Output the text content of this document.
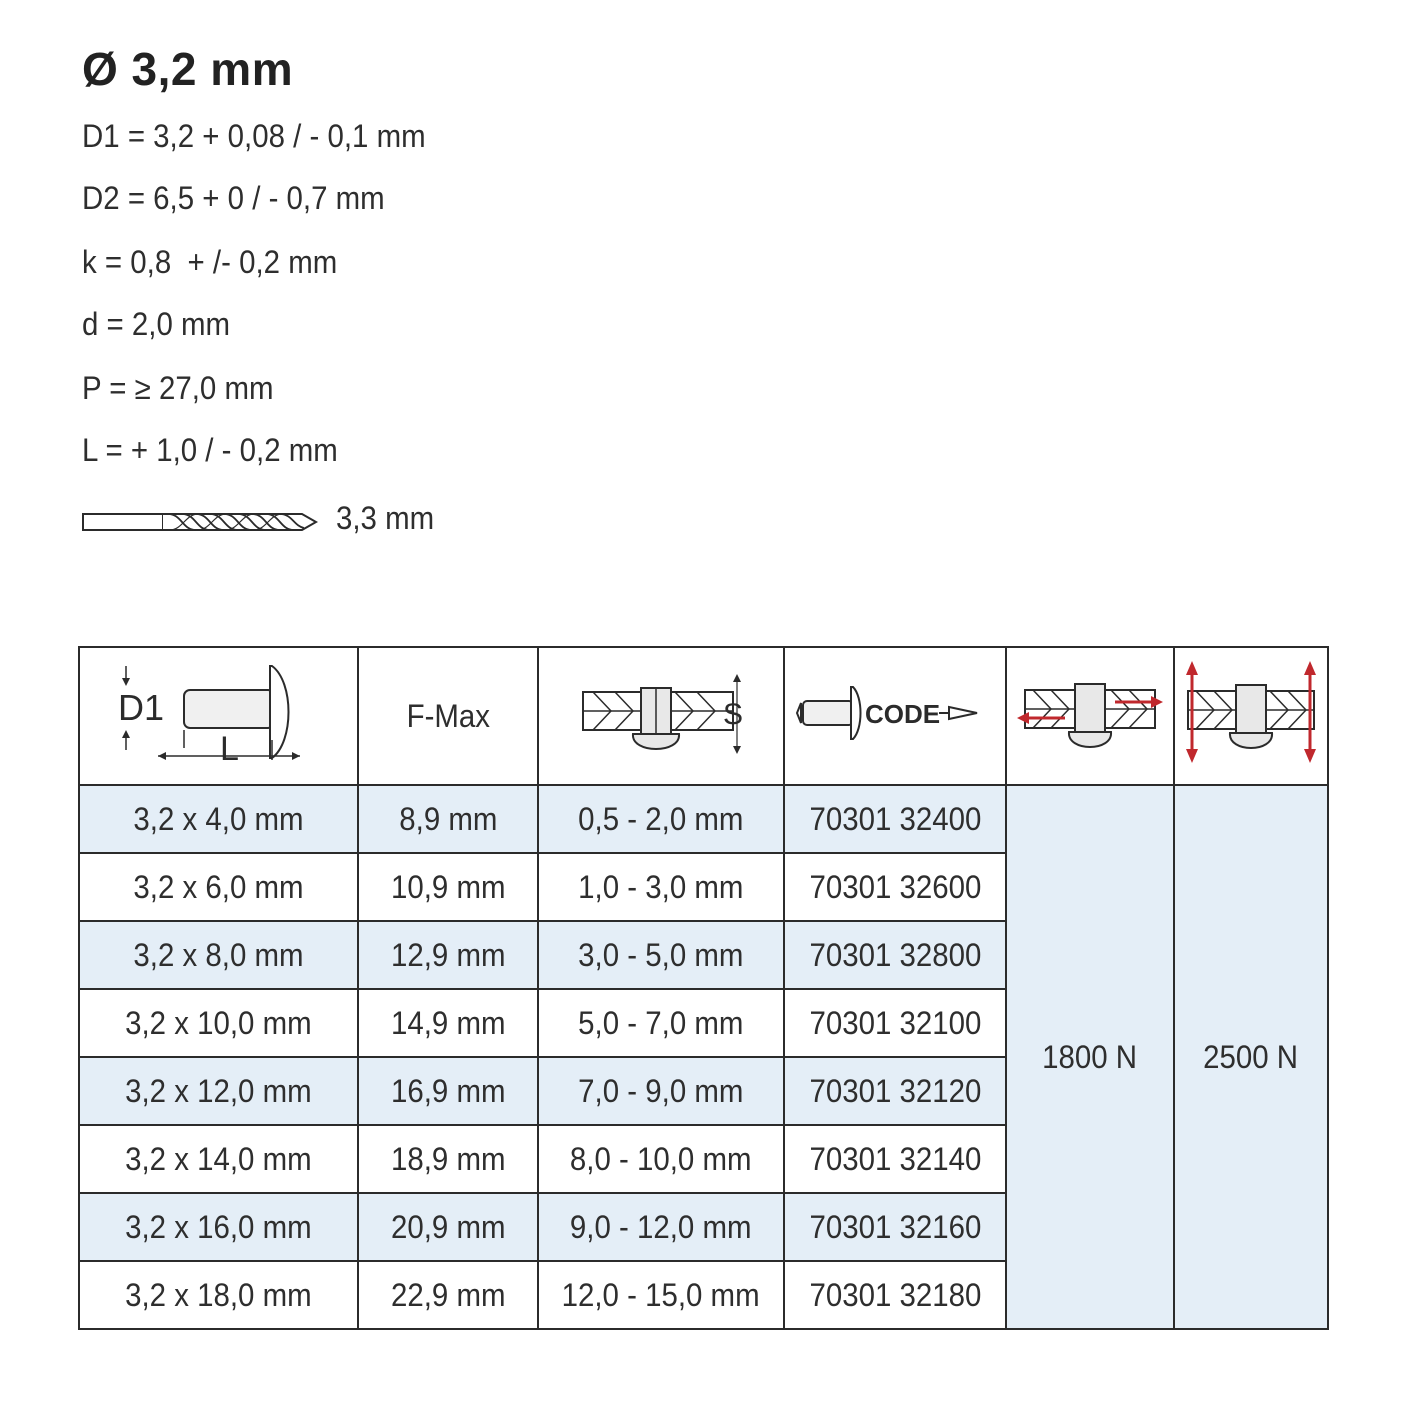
Ø 3,2 mm
D1 = 3,2 + 0,08 / - 0,1 mm
D2 = 6,5 + 0 / - 0,7 mm
k = 0,8  + /- 0,2 mm
d = 2,0 mm
P = ≥ 27,0 mm
L = + 1,0 / - 0,2 mm
3,3 mm
D1
L	F-Max	S	CODE

3,2 x 4,0 mm	8,9 mm	0,5 - 2,0 mm	70301 32400	1800 N	2500 N
3,2 x 6,0 mm	10,9 mm	1,0 - 3,0 mm	70301 32600		
3,2 x 8,0 mm	12,9 mm	3,0 - 5,0 mm	70301 32800		
3,2 x 10,0 mm	14,9 mm	5,0 - 7,0 mm	70301 32100		
3,2 x 12,0 mm	16,9 mm	7,0 - 9,0 mm	70301 32120		
3,2 x 14,0 mm	18,9 mm	8,0 - 10,0 mm	70301 32140		
3,2 x 16,0 mm	20,9 mm	9,0 - 12,0 mm	70301 32160		
3,2 x 18,0 mm	22,9 mm	12,0 - 15,0 mm	70301 32180		
